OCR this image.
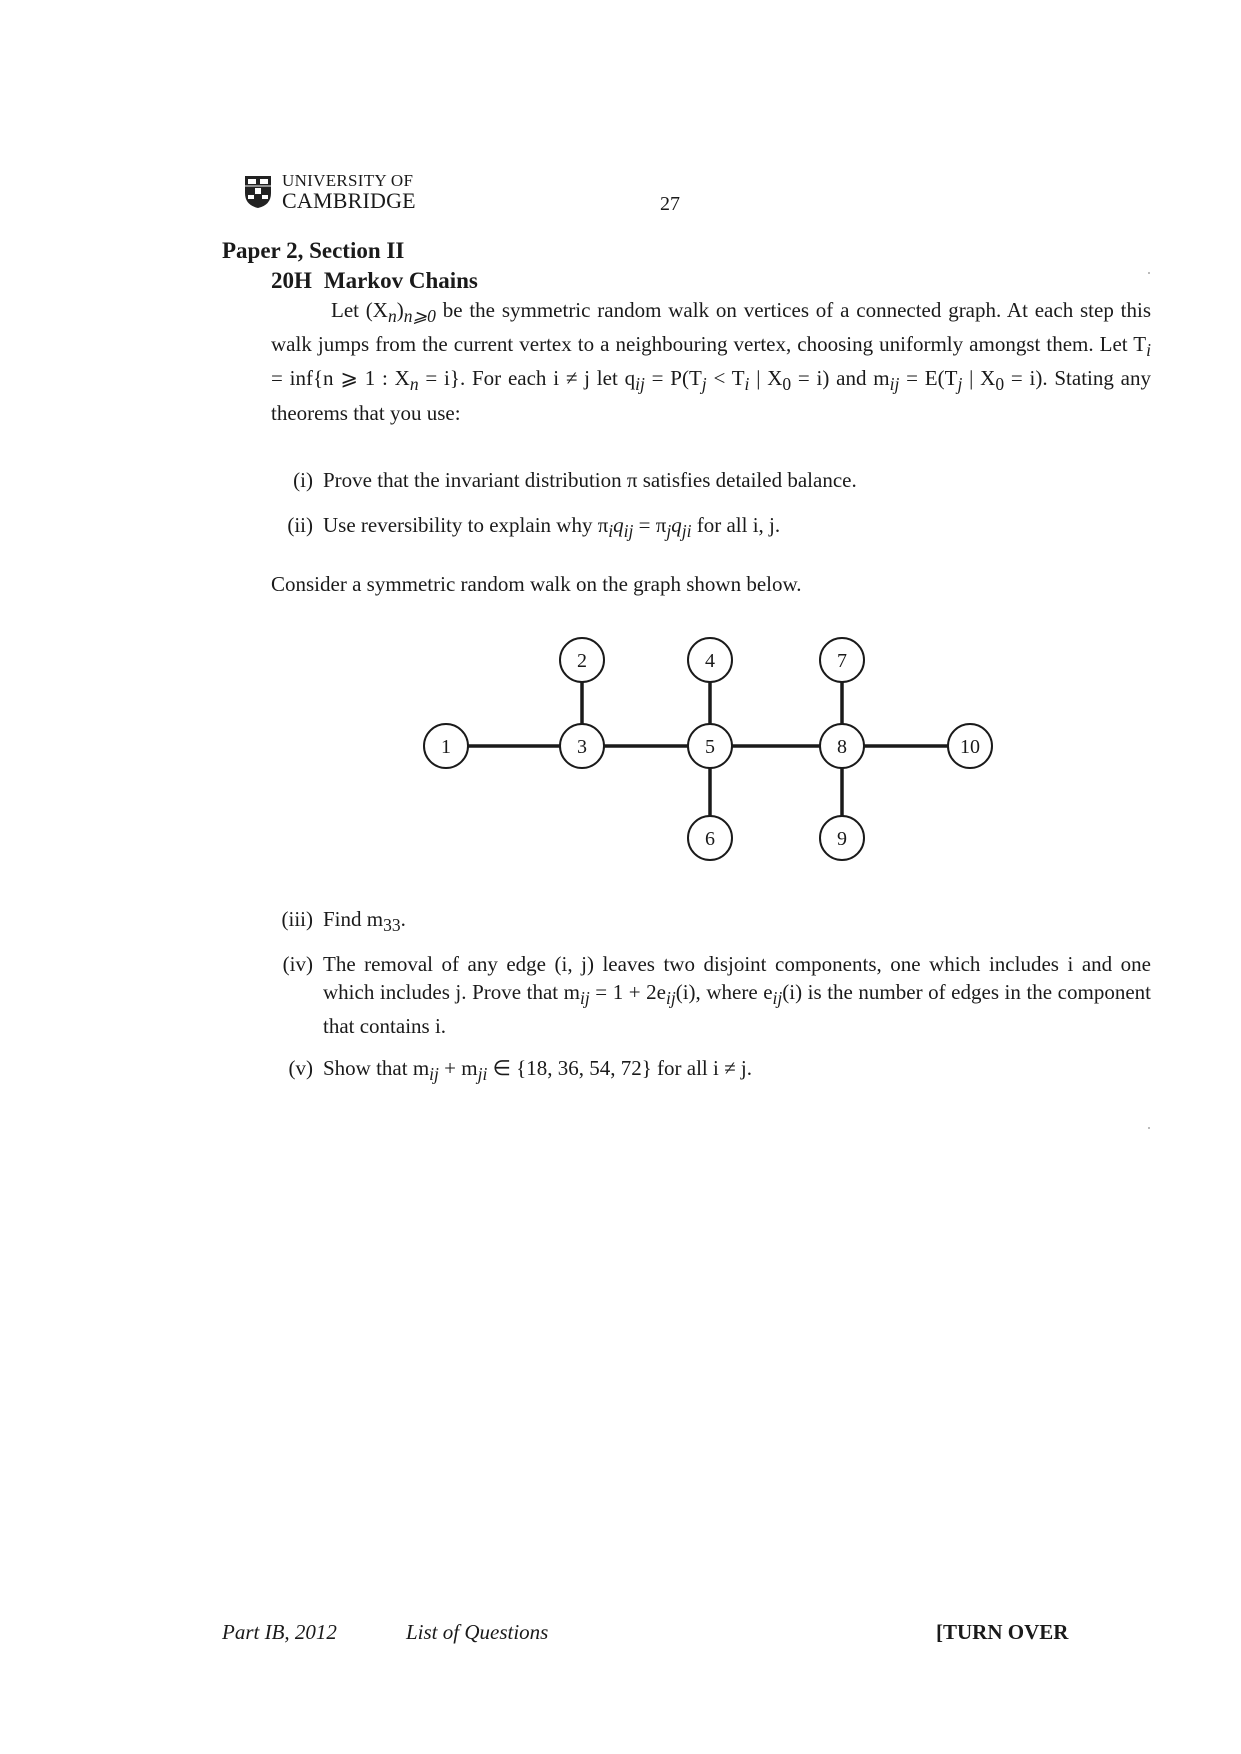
UNIVERSITY OF
CAMBRIDGE	27
Paper 2, Section II
20H Markov Chains
Let $(X_n)_{n⩾0}$ be the symmetric random walk on vertices of a connected graph. At each step this walk jumps from the current vertex to a neighbouring vertex, choosing uniformly amongst them. Let $T_i = inf\{n$ ⩾ 1 : $X_n = i$}. For each i ≠ j let $q_{ij} = P(T_j < T_i$ | $X_0 = i$) and $m_{ij} = E(T_j$ | $X_0 = i$). Stating any theorems that you use:
(i) Prove that the invariant distribution π satisfies detailed balance.
(ii) Use reversibility to explain why $\pi_iq_{ij} = \pi_jq_{ji}$ for all i, j.
Consider a symmetric random walk on the graph shown below.
1
2
3
4
5
6
7
8
9
10
(iii) Find $m_{33}$.
(iv) The removal of any edge (i, j) leaves two disjoint components, one which includes i and one which includes j. Prove that $m_{ij} = 1 + 2e_{ij}(i)$, where $e_{ij}(i)$ is the number of edges in the component that contains i.
(v) Show that $m_{ij} + m_{ji}$ ∈ {18, 36, 54, 72} for all i ≠ j.
Part IB, 2012	List of Questions	[TURN OVER
